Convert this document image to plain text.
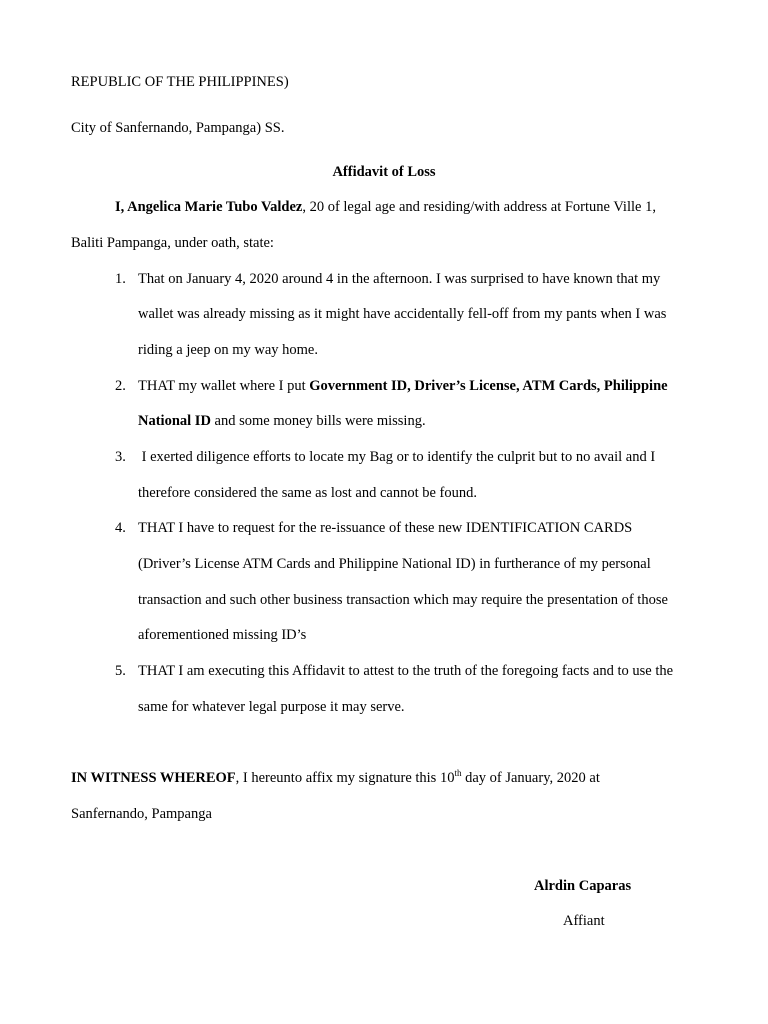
REPUBLIC OF THE PHILIPPINES)
City of Sanfernando, Pampanga) SS.
Affidavit of Loss
I, Angelica Marie Tubo Valdez, 20 of legal age and residing/with address at Fortune Ville 1,
Baliti Pampanga, under oath, state:
1. That on January 4, 2020 around 4 in the afternoon. I was surprised to have known that my
wallet was already missing as it might have accidentally fell-off from my pants when I was
riding a jeep on my way home.
2. THAT my wallet where I put Government ID, Driver’s License, ATM Cards, Philippine
National ID and some money bills were missing.
3. I exerted diligence efforts to locate my Bag or to identify the culprit but to no avail and I
therefore considered the same as lost and cannot be found.
4. THAT I have to request for the re-issuance of these new IDENTIFICATION CARDS
(Driver’s License ATM Cards and Philippine National ID) in furtherance of my personal
transaction and such other business transaction which may require the presentation of those
aforementioned missing ID’s
5. THAT I am executing this Affidavit to attest to the truth of the foregoing facts and to use the
same for whatever legal purpose it may serve.
IN WITNESS WHEREOF, I hereunto affix my signature this 10th day of January, 2020 at
Sanfernando, Pampanga
Alrdin Caparas
Affiant
